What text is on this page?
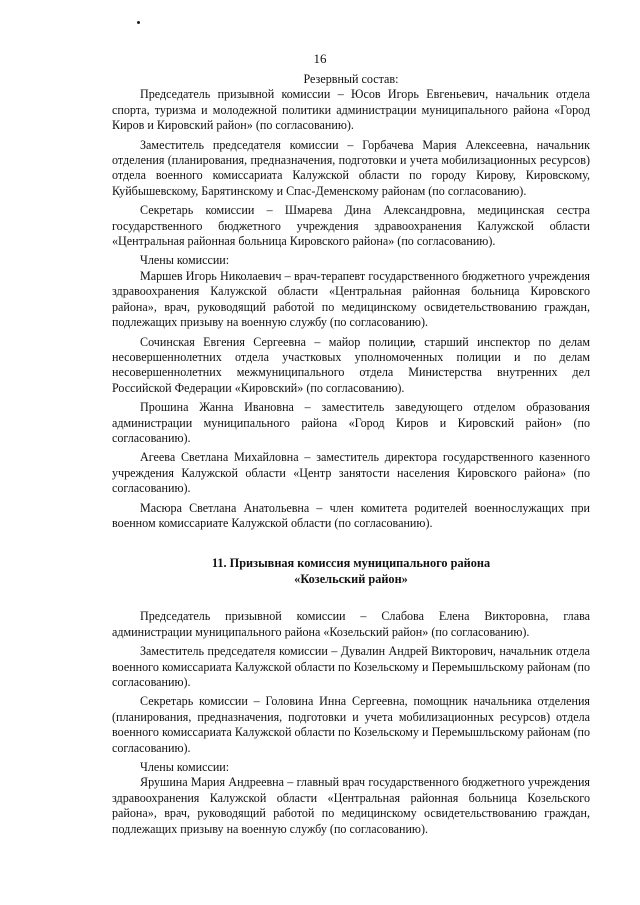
16
Резервный состав:

Председатель призывной комиссии – Юсов Игорь Евгеньевич, начальник отдела спорта, туризма и молодежной политики администрации муниципального района «Город Киров и Кировский район» (по согласованию).

Заместитель председателя комиссии – Горбачева Мария Алексеевна, начальник отделения (планирования, предназначения, подготовки и учета мобилизационных ресурсов) отдела военного комиссариата Калужской области по городу Кирову, Кировскому, Куйбышевскому, Барятинскому и Спас-Деменскому районам (по согласованию).

Секретарь комиссии – Шмарева Дина Александровна, медицинская сестра государственного бюджетного учреждения здравоохранения Калужской области «Центральная районная больница Кировского района» (по согласованию).

Члены комиссии:

Маршев Игорь Николаевич – врач-терапевт государственного бюджетного учреждения здравоохранения Калужской области «Центральная районная больница Кировского района», врач, руководящий работой по медицинскому освидетельствованию граждан, подлежащих призыву на военную службу (по согласованию).

Сочинская Евгения Сергеевна – майор полиции, старший инспектор по делам несовершеннолетних отдела участковых уполномоченных полиции и по делам несовершеннолетних межмуниципального отдела Министерства внутренних дел Российской Федерации «Кировский» (по согласованию).

Прошина Жанна Ивановна – заместитель заведующего отделом образования администрации муниципального района «Город Киров и Кировский район» (по согласованию).

Агеева Светлана Михайловна – заместитель директора государственного казенного учреждения Калужской области «Центр занятости населения Кировского района» (по согласованию).

Масюра Светлана Анатольевна – член комитета родителей военнослужащих при военном комиссариате Калужской области (по согласованию).

11. Призывная комиссия муниципального района
«Козельский район»

Председатель призывной комиссии – Слабова Елена Викторовна, глава администрации муниципального района «Козельский район» (по согласованию).

Заместитель председателя комиссии – Дувалин Андрей Викторович, начальник отдела военного комиссариата Калужской области по Козельскому и Перемышльскому районам (по согласованию).

Секретарь комиссии – Головина Инна Сергеевна, помощник начальника отделения (планирования, предназначения, подготовки и учета мобилизационных ресурсов) отдела военного комиссариата Калужской области по Козельскому и Перемышльскому районам (по согласованию).

Члены комиссии:

Ярушина Мария Андреевна – главный врач государственного бюджетного учреждения здравоохранения Калужской области «Центральная районная больница Козельского района», врач, руководящий работой по медицинскому освидетельствованию граждан, подлежащих призыву на военную службу (по согласованию).
